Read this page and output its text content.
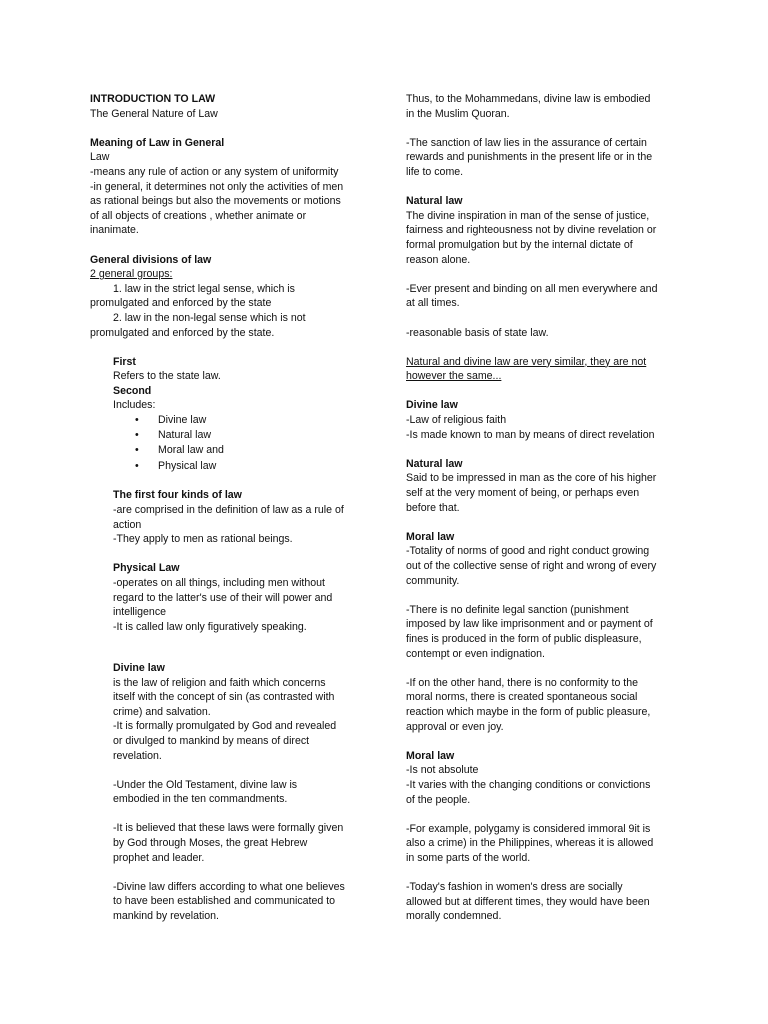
INTRODUCTION TO LAW
The General Nature of Law
Meaning of Law in General
Law
-means any rule of action or any system of uniformity
-in general, it determines not only the activities of men
as rational beings but also the movements or motions
of all objects of creations , whether animate or
inanimate.
General divisions of law
2 general groups:
1. law in the strict legal sense, which is
promulgated and enforced by the state
2. law in the non-legal sense which is not
promulgated and enforced by the state.
First
Refers to the state law.
Second
Includes:
• Divine law
• Natural law
• Moral law and
• Physical law
The first four kinds of law
-are comprised in the definition of law as a rule of
action
-They apply to men as rational beings.
Physical Law
-operates on all things, including men without
regard to the latter's use of their will power and
intelligence
-It is called law only figuratively speaking.
Divine law
is the law of religion and faith which concerns
itself with the concept of sin (as contrasted with
crime) and salvation.
-It is formally promulgated by God and revealed
or divulged to mankind by means of direct
revelation.
-Under the Old Testament, divine law is
embodied in the ten commandments.
-It is believed that these laws were formally given
by God through Moses, the great Hebrew
prophet and leader.
-Divine law differs according to what one believes
to have been established and communicated to
mankind by revelation.
Thus, to the Mohammedans, divine law is embodied
in the Muslim Quoran.
-The sanction of law lies in the assurance of certain
rewards and punishments in the present life or in the
life to come.
Natural law
The divine inspiration in man of the sense of justice,
fairness and righteousness not by divine revelation or
formal promulgation but by the internal dictate of
reason alone.
-Ever present and binding on all men everywhere and
at all times.
-reasonable basis of state law.
Natural and divine law are very similar, they are not
however the same...
Divine law
-Law of religious faith
-Is made known to man by means of direct revelation
Natural law
Said to be impressed in man as the core of his higher
self at the very moment of being, or perhaps even
before that.
Moral law
-Totality of norms of good and right conduct growing
out of the collective sense of right and wrong of every
community.
-There is no definite legal sanction (punishment
imposed by law like imprisonment and or payment of
fines is produced in the form of public displeasure,
contempt or even indignation.
-If on the other hand, there is no conformity to the
moral norms, there is created spontaneous social
reaction which maybe in the form of public pleasure,
approval or even joy.
Moral law
-Is not absolute
-It varies with the changing conditions or convictions
of the people.
-For example, polygamy is considered immoral 9it is
also a crime) in the Philippines, whereas it is allowed
in some parts of the world.
-Today's fashion in women's dress are socially
allowed but at different times, they would have been
morally condemned.
